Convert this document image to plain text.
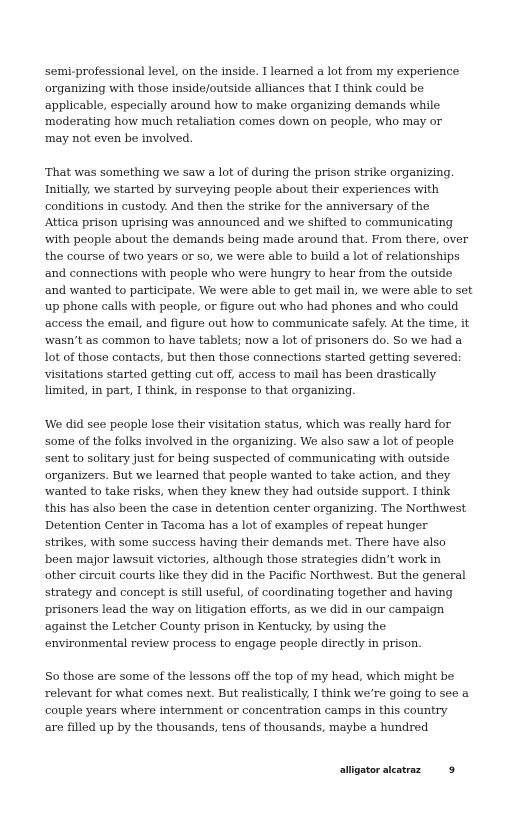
semi-professional level, on the inside. I learned a lot from my experience
organizing with those inside/outside alliances that I think could be
applicable, especially around how to make organizing demands while
moderating how much retaliation comes down on people, who may or
may not even be involved.

That was something we saw a lot of during the prison strike organizing.
Initially, we started by surveying people about their experiences with
conditions in custody. And then the strike for the anniversary of the
Attica prison uprising was announced and we shifted to communicating
with people about the demands being made around that. From there, over
the course of two years or so, we were able to build a lot of relationships
and connections with people who were hungry to hear from the outside
and wanted to participate. We were able to get mail in, we were able to set
up phone calls with people, or figure out who had phones and who could
access the email, and figure out how to communicate safely. At the time, it
wasn’t as common to have tablets; now a lot of prisoners do. So we had a
lot of those contacts, but then those connections started getting severed:
visitations started getting cut off, access to mail has been drastically
limited, in part, I think, in response to that organizing.

We did see people lose their visitation status, which was really hard for
some of the folks involved in the organizing. We also saw a lot of people
sent to solitary just for being suspected of communicating with outside
organizers. But we learned that people wanted to take action, and they
wanted to take risks, when they knew they had outside support. I think
this has also been the case in detention center organizing. The Northwest
Detention Center in Tacoma has a lot of examples of repeat hunger
strikes, with some success having their demands met. There have also
been major lawsuit victories, although those strategies didn’t work in
other circuit courts like they did in the Pacific Northwest. But the general
strategy and concept is still useful, of coordinating together and having
prisoners lead the way on litigation efforts, as we did in our campaign
against the Letcher County prison in Kentucky, by using the
environmental review process to engage people directly in prison.

So those are some of the lessons off the top of my head, which might be
relevant for what comes next. But realistically, I think we’re going to see a
couple years where internment or concentration camps in this country
are filled up by the thousands, tens of thousands, maybe a hundred

alligator alcatraz	9
